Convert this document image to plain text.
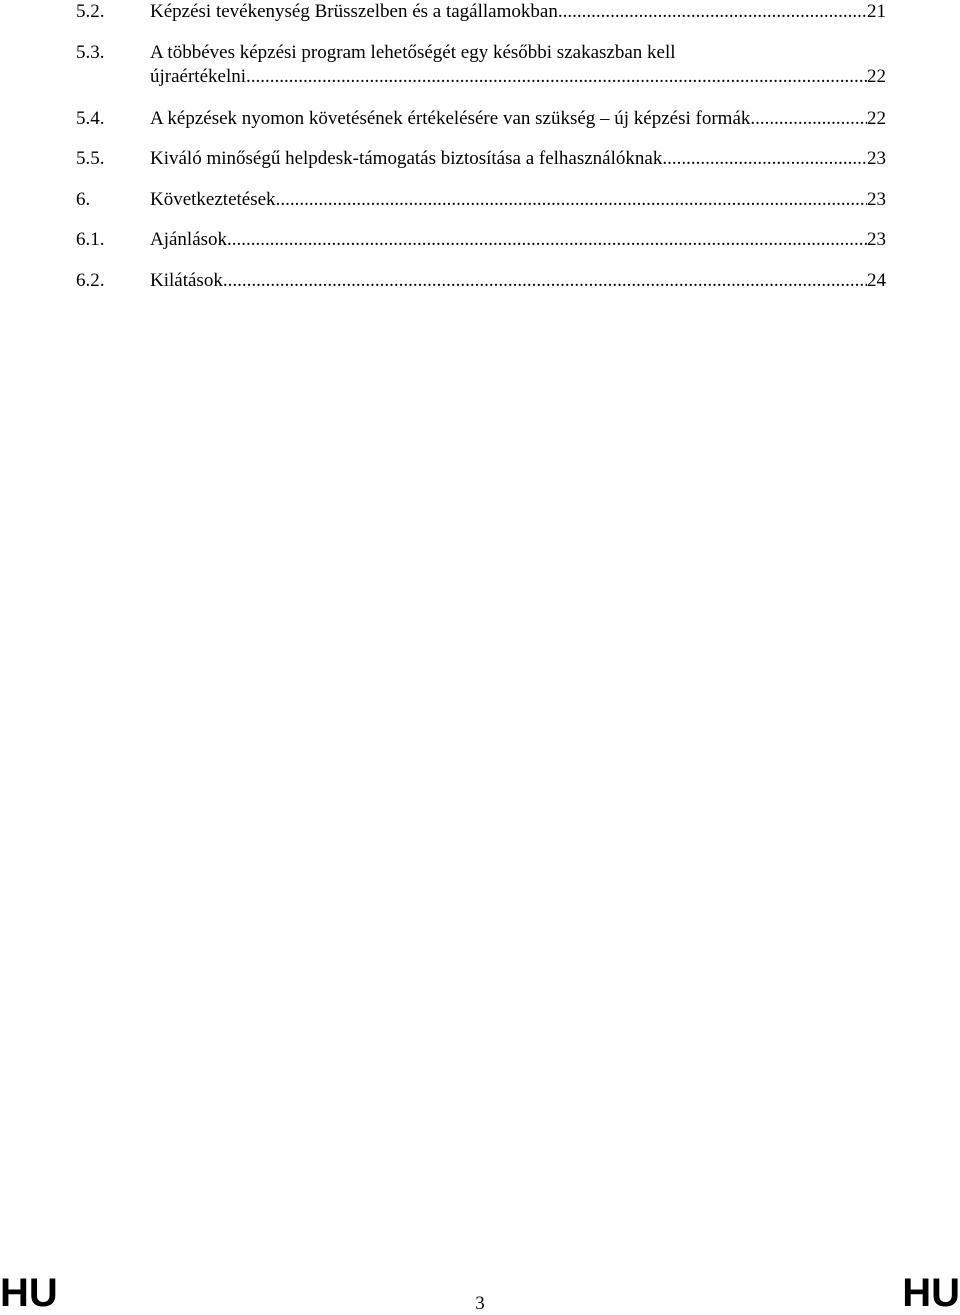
5.2. Képzési tevékenység Brüsszelben és a tagállamokban .....	21
5.3. A többéves képzési program lehetőségét egy későbbi szakaszban kell
újraértékelni .....	22
5.4. A képzések nyomon követésének értékelésére van szükség – új képzési formák .....	22
5.5. Kiváló minőségű helpdesk-támogatás biztosítása a felhasználóknak .....	23
6.	Következtetések .....	23
6.1. Ajánlások .....	23
6.2. Kilátások .....	24
HU	3	HU
